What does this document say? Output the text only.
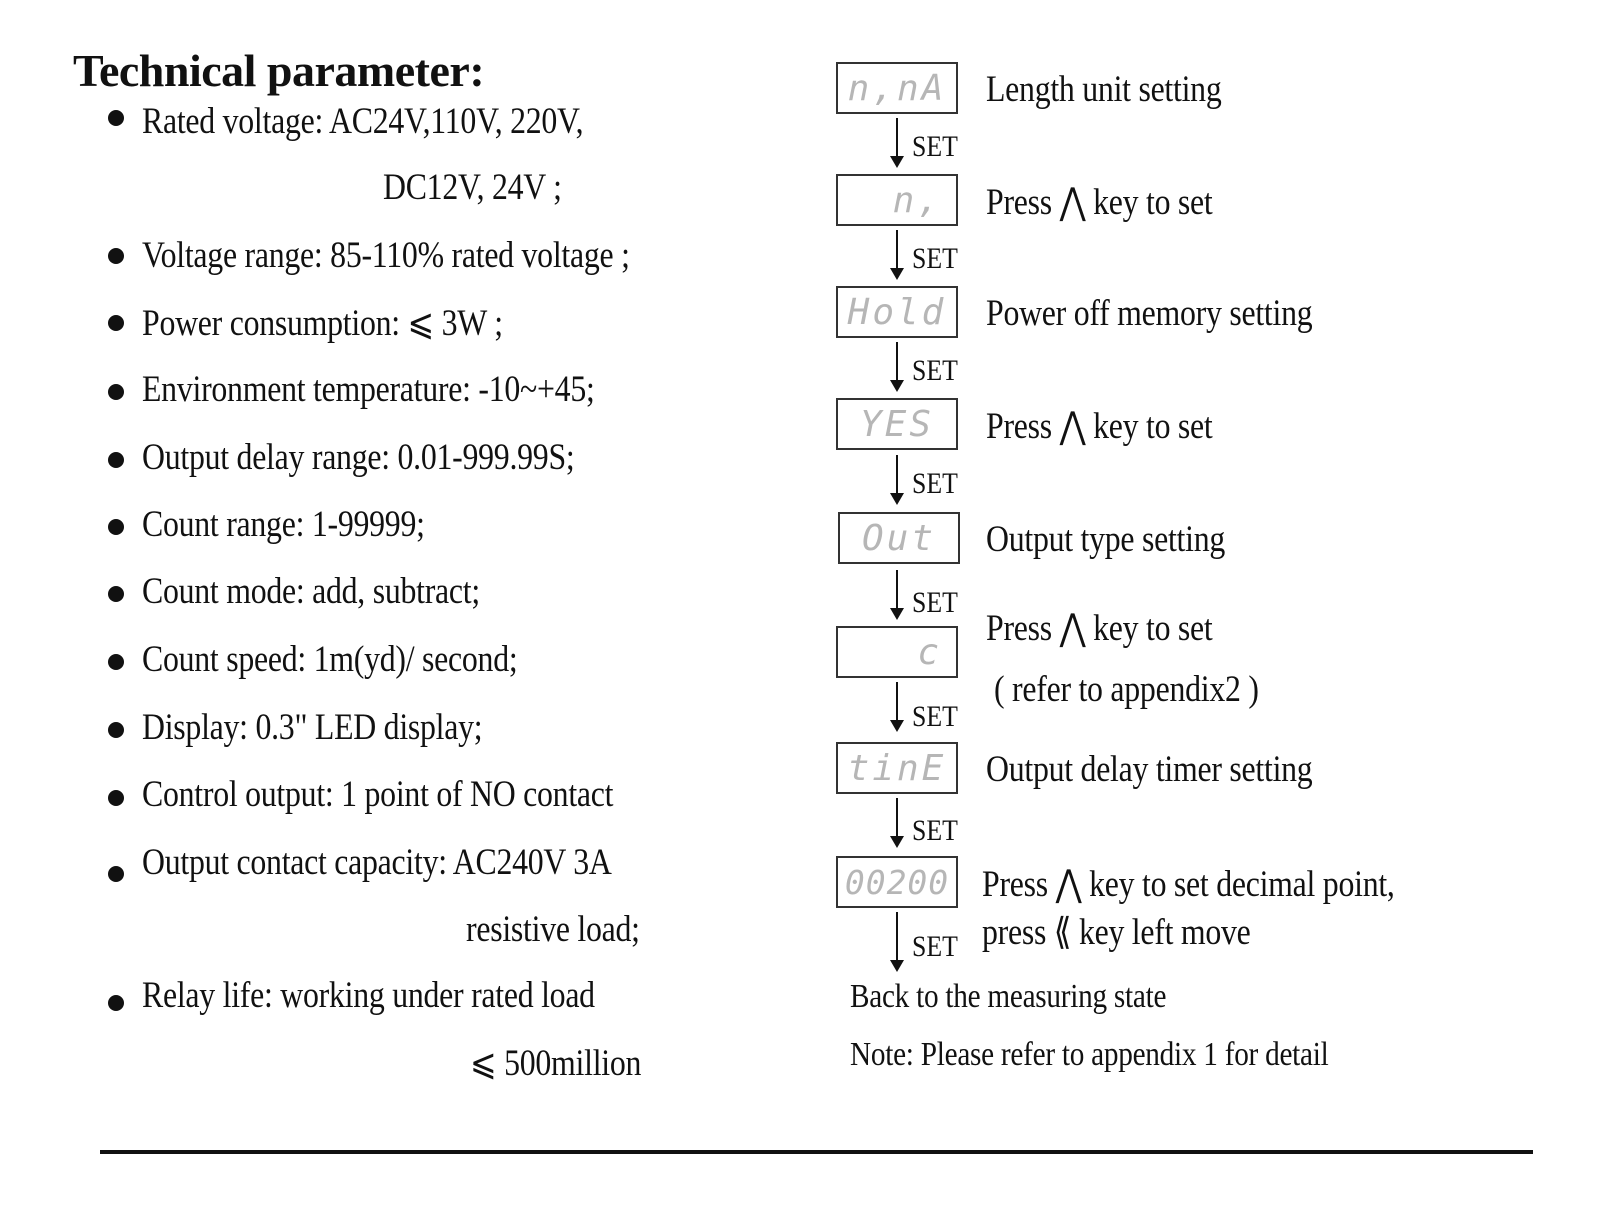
Technical parameter:
Rated voltage: AC24V,110V, 220V,
DC12V, 24V ;
Voltage range: 85-110% rated voltage ;
Power consumption: ⩽ 3W ;
Environment temperature: -10~+45;
Output delay range: 0.01-999.99S;
Count range: 1-99999;
Count mode: add, subtract;
Count speed: 1m(yd)/ second;
Display: 0.3" LED display;
Control output: 1 point of NO contact
Output contact capacity: AC240V 3A
resistive load;
Relay life: working under rated load
⩽ 500million
n,nA Length unit setting
SET
n, Press ⋀ key to set
SET
Hold Power off memory setting
SET
YES Press ⋀ key to set
SET
Out Output type setting
SET
c
Press ⋀ key to set
( refer to appendix2 )
SET
tinE Output delay timer setting
SET
00200 Press ⋀ key to set decimal point,
press ⟪ key left move
SET
Back to the measuring state
Note: Please refer to appendix 1 for detail
